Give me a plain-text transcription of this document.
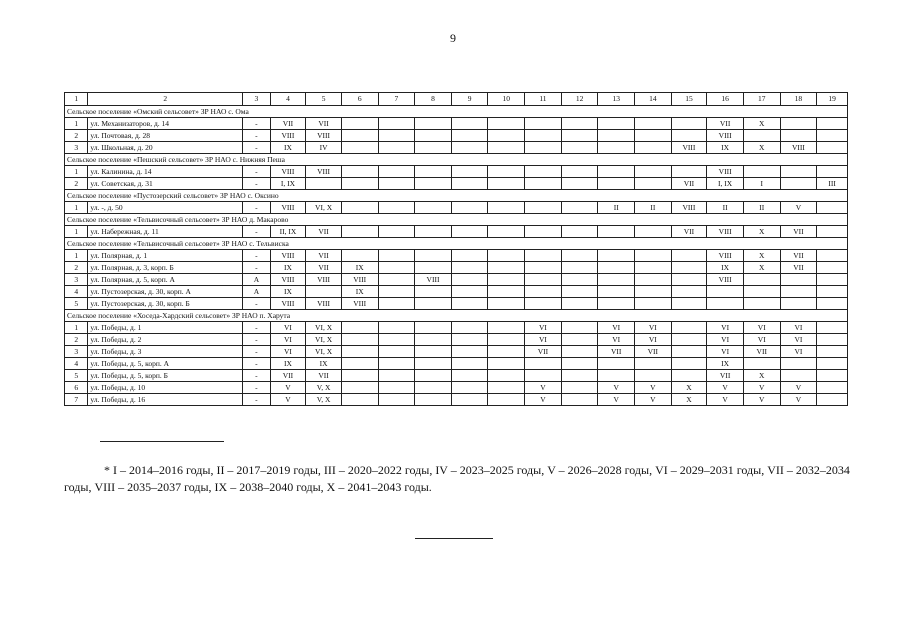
9
1	2	3	4	5	6	7	8	9	10	11	12	13	14	15	16	17	18	19
Сельское поселение «Омский сельсовет» ЗР НАО с. Ома																		
1	ул. Механизаторов, д. 14	-	VII	VII											VII	X		
2	ул. Почтовая, д. 28	-	VIII	VIII											VIII			
3	ул. Школьная, д. 20	-	IX	IV										VIII	IX	X	VIII	
Сельское поселение «Пешский сельсовет» ЗР НАО с. Нижняя Пеша																		
1	ул. Калинина, д. 14	-	VIII	VIII											VIII			
2	ул. Советская, д. 31	-	I, IX											VII	I, IX	I		III
Сельское поселение «Пустозерский сельсовет» ЗР НАО с. Оксино																		
1	ул. -, д. 50	-	VIII	VI, X								II	II	VIII	II	II	V	
Сельское поселение «Тельвисочный сельсовет» ЗР НАО д. Макарово																		
1	ул. Набережная, д. 11	-	II, IX	VII										VII	VIII	X	VII	
Сельское поселение «Тельвисочный сельсовет» ЗР НАО с. Тельвиска																		
1	ул. Полярная, д. 1	-	VIII	VII											VIII	X	VII	
2	ул. Полярная, д. 3, корп. Б	-	IX	VII	IX										IX	X	VII	
3	ул. Полярная, д. 5, корп. А	А	VIII	VIII	VIII		VIII								VIII			
4	ул. Пустозерская, д. 30, корп. А	А	IX		IX													
5	ул. Пустозерская, д. 30, корп. Б	-	VIII	VIII	VIII													
Сельское поселение «Хоседа-Хардский сельсовет» ЗР НАО п. Харута																		
1	ул. Победы, д. 1	-	VI	VI, X						VI		VI	VI		VI	VI	VI	
2	ул. Победы, д. 2	-	VI	VI, X						VI		VI	VI		VI	VI	VI	
3	ул. Победы, д. 3	-	VI	VI, X						VII		VII	VII		VI	VII	VI	
4	ул. Победы, д. 5, корп. А	-	IX	IX											IX			
5	ул. Победы, д. 5, корп. Б	-	VII	VII											VII	X		
6	ул. Победы, д. 10	-	V	V, X						V		V	V	X	V	V	V	
7	ул. Победы, д. 16	-	V	V, X						V		V	V	X	V	V	V	
* I – 2014–2016 годы, II – 2017–2019 годы, III – 2020–2022 годы, IV – 2023–2025 годы, V – 2026–2028 годы, VI – 2029–2031 годы, VII – 2032–2034 годы, VIII – 2035–2037 годы, IX – 2038–2040 годы, X – 2041–2043 годы.
